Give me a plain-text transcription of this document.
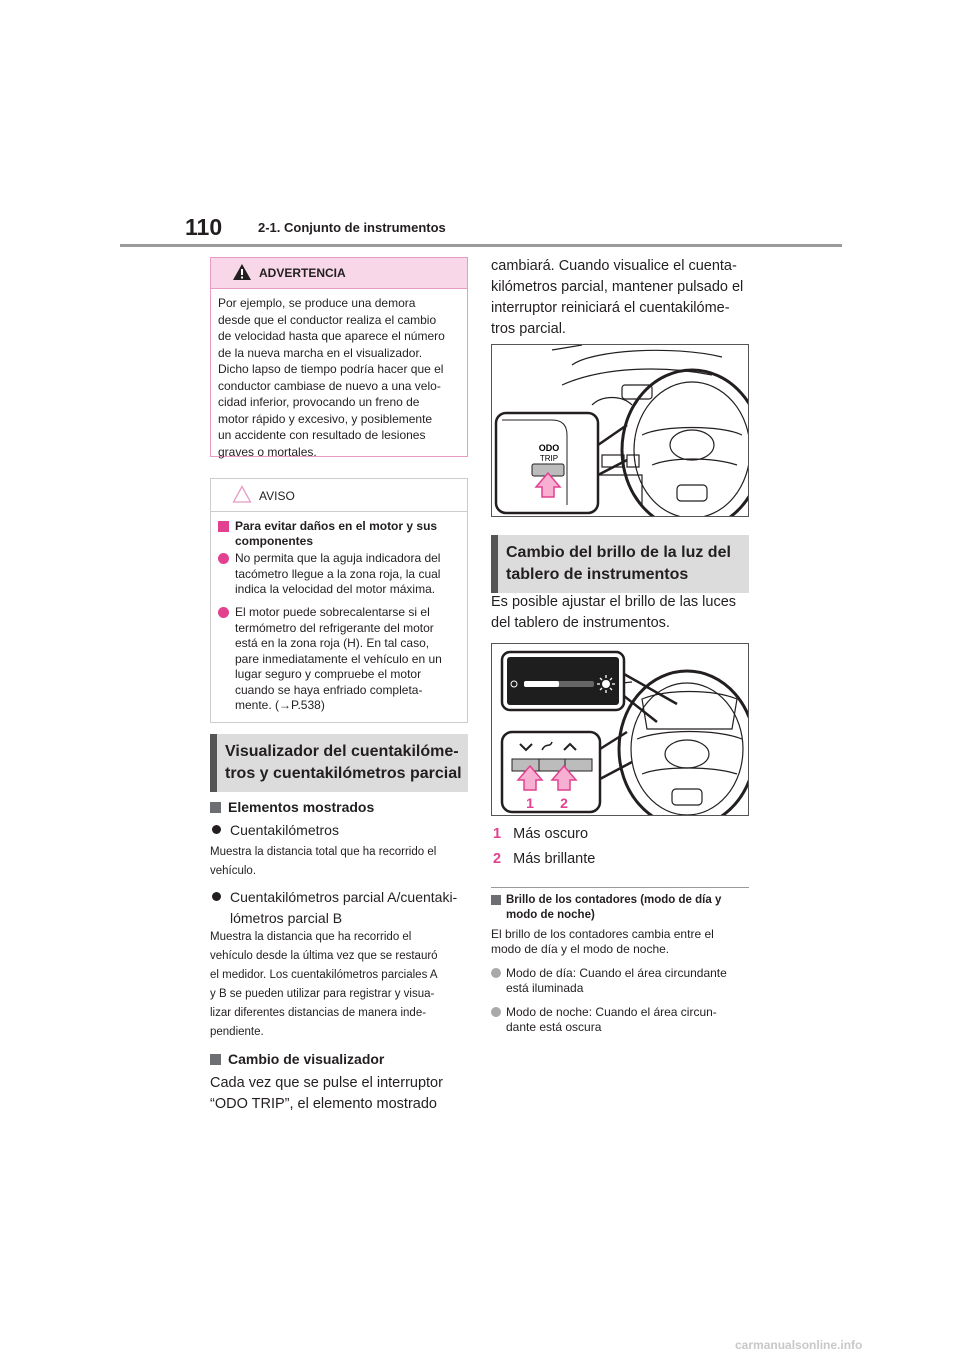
110	2-1. Conjunto de instrumentos
ADVERTENCIA
Por ejemplo, se produce una demora
desde que el conductor realiza el cambio
de velocidad hasta que aparece el número
de la nueva marcha en el visualizador.
Dicho lapso de tiempo podría hacer que el
conductor cambiase de nuevo a una velo-
cidad inferior, provocando un freno de
motor rápido y excesivo, y posiblemente
un accidente con resultado de lesiones
graves o mortales.
AVISO
Para evitar daños en el motor y sus
componentes
No permita que la aguja indicadora del
tacómetro llegue a la zona roja, la cual
indica la velocidad del motor máxima.
El motor puede sobrecalentarse si el
termómetro del refrigerante del motor
está en la zona roja (H). En tal caso,
pare inmediatamente el vehículo en un
lugar seguro y compruebe el motor
cuando se haya enfriado completa-
mente. (→P.538)
Visualizador del cuentakilóme-
tros y cuentakilómetros parcial
Elementos mostrados
Cuentakilómetros
Muestra la distancia total que ha recorrido el
vehículo.
Cuentakilómetros parcial A/cuentaki-
lómetros parcial B
Muestra la distancia que ha recorrido el
vehículo desde la última vez que se restauró
el medidor. Los cuentakilómetros parciales A
y B se pueden utilizar para registrar y visua-
lizar diferentes distancias de manera inde-
pendiente.
Cambio de visualizador
Cada vez que se pulse el interruptor
“ODO TRIP”, el elemento mostrado
cambiará. Cuando visualice el cuenta-
kilómetros parcial, mantener pulsado el
interruptor reiniciará el cuentakilóme-
tros parcial.
ODO
TRIP
Cambio del brillo de la luz del
tablero de instrumentos
Es posible ajustar el brillo de las luces
del tablero de instrumentos.
1 2
1 Más oscuro
2 Más brillante
Brillo de los contadores (modo de día y
modo de noche)
El brillo de los contadores cambia entre el
modo de día y el modo de noche.
Modo de día: Cuando el área circundante
está iluminada
Modo de noche: Cuando el área circun-
dante está oscura
carmanualsonline.info
